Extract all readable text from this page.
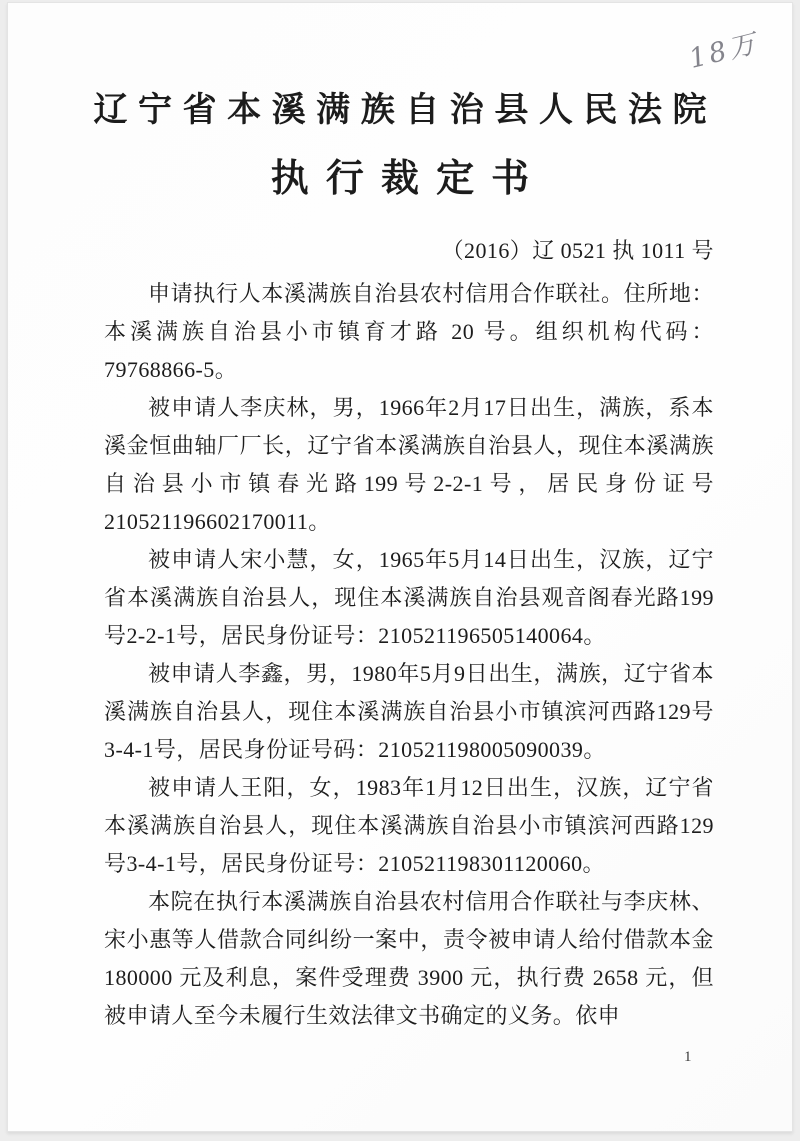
18万
辽宁省本溪满族自治县人民法院
执行裁定书
（2016）辽 0521 执 1011 号

申请执行人本溪满族自治县农村信用合作联社。住所地：本溪满族自治县小市镇育才路 20 号。组织机构代码：79768866-5。

被申请人李庆林，男，1966年2月17日出生，满族，系本溪金恒曲轴厂厂长，辽宁省本溪满族自治县人，现住本溪满族自治县小市镇春光路199号2-2-1号，居民身份证号210521196602170011。

被申请人宋小慧，女，1965年5月14日出生，汉族，辽宁省本溪满族自治县人，现住本溪满族自治县观音阁春光路199号2-2-1号，居民身份证号：210521196505140064。

被申请人李鑫，男，1980年5月9日出生，满族，辽宁省本溪满族自治县人，现住本溪满族自治县小市镇滨河西路129号3-4-1号，居民身份证号码：210521198005090039。

被申请人王阳，女，1983年1月12日出生，汉族，辽宁省本溪满族自治县人，现住本溪满族自治县小市镇滨河西路129号3-4-1号，居民身份证号：210521198301120060。

本院在执行本溪满族自治县农村信用合作联社与李庆林、宋小惠等人借款合同纠纷一案中，责令被申请人给付借款本金 180000 元及利息，案件受理费 3900 元，执行费 2658 元，但被申请人至今未履行生效法律文书确定的义务。依申

1
